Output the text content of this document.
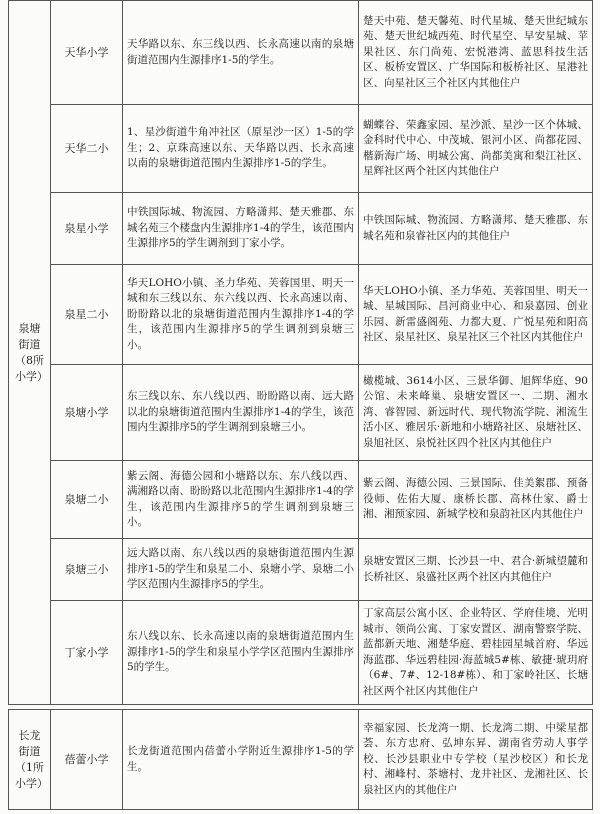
泉塘街道（8所小学）	天华小学	天华路以东、东三线以西、长永高速以南的泉塘街道范围内生源排序1-5的学生。	楚天中苑、楚天馨苑、时代星城、楚天世纪城东苑、楚天世纪城西苑、时代星空、早安星城、苹果社区、东门尚苑、宏悦港湾、蓝思科技生活区、板桥安置区、广华国际和板桥社区、星港社区、向星社区三个社区内其他住户
	天华二小	1、星沙街道牛角冲社区（原星沙一区）1-5的学生；2、京珠高速以东、天华路以西、长永高速以南的泉塘街道范围内生源排序1-5的学生。	蝴蝶谷、荣鑫家园、星沙派、星沙一区个体城、金科时代中心、中茂城、银河小区、尚都花园、楷新海广场、明城公寓、尚都美寓和梨江社区、星辉社区两个社区内其他住户
	泉星小学	中铁国际城、物流园、方略潇邦、楚天雅郡、东城名苑三个楼盘内生源排序1-4的学生，该范围内生源排序5的学生调剂到丁家小学。	中铁国际城、物流园、方略潇邦、楚天雅郡、东城名苑和泉睿社区内的其他住户
	泉星二小	华天LOHO小镇、圣力华苑、芙蓉国里、明天一城和东三线以东、东六线以西、长永高速以南、盼盼路以北的泉塘街道范围内生源排序1-4的学生，该范围内生源排序5的学生调剂到泉塘三小。	华天LOHO小镇、圣力华苑、芙蓉国里、明天一城、星城国际、昌河商业中心、和泉嘉园、创业乐园、新雷盛阁苑、力都大夏、广悦星苑和阳高社区、泉星社区、泉星社区三个社区内其他住户
	泉塘小学	东三线以东、东八线以西、盼盼路以南、远大路以北的泉塘街道范围内生源排序1-4的学生，该范围内生源排序5的学生调剂到泉塘三小。	橄榄城、3614小区、三景华御、旭辉华庭、90公馆、未来峰巢、泉塘安置区一、二期、湘水湾、睿智园、新远时代、现代物流学院、湘流生活小区、雅居乐·新地和小塘路社区、泉塘社区、泉旭社区、泉悦社区四个社区内其他住户
	泉塘二小	紫云阁、海德公园和小塘路以东、东八线以西、满湘路以南、盼盼路以北范围内生源排序1-4的学生，该范围内生源排序5的学生调剂到泉塘三小。	紫云阁、海德公园、三景国际、佳美絮郡、预备役师、佐佑大厦、康桥长郡、高林仕家、爵士湘、湘预家园、新城学校和泉韵社区内其他住户
	泉塘三小	远大路以南、东八线以西的泉塘街道范围内生源排序1-5的学生和泉星二小、泉塘小学、泉塘二小学区范围内生源排序5的学生。	泉塘安置区三期、长沙县一中、君合·新城望麓和长桥社区、泉盛社区两个社区内其他住户
	丁家小学	东八线以东、长永高速以南的泉塘街道范围内生源排序1-5的学生和泉星小学学区范围内生源排序5的学生。	丁家高层公寓小区、企业特区、学府佳境、光明城市、领尚公寓、丁家安置区、湖南警察学院、蓝都新天地、湘楚华庭、碧桂园星城首府、华远海蓝郡、华远碧桂园·海蓝城5#栋、敏捷·琥玥府（6#、7#、12-18#栋）、和丁家岭社区、长塘社区两个社区内其他住户

长龙街道（1所小学）	蓓蕾小学	长龙街道范围内蓓蕾小学附近生源排序1-5的学生。	幸福家园、长龙湾一期、长龙湾二期、中梁星都荟、东方忠府、弘坤东昇、湖南省劳动人事学校、长沙县职业中专学校（星沙校区）和长龙村、湘峰村、茶塘村、龙井社区、龙湘社区、长泉社区内的其他住户
